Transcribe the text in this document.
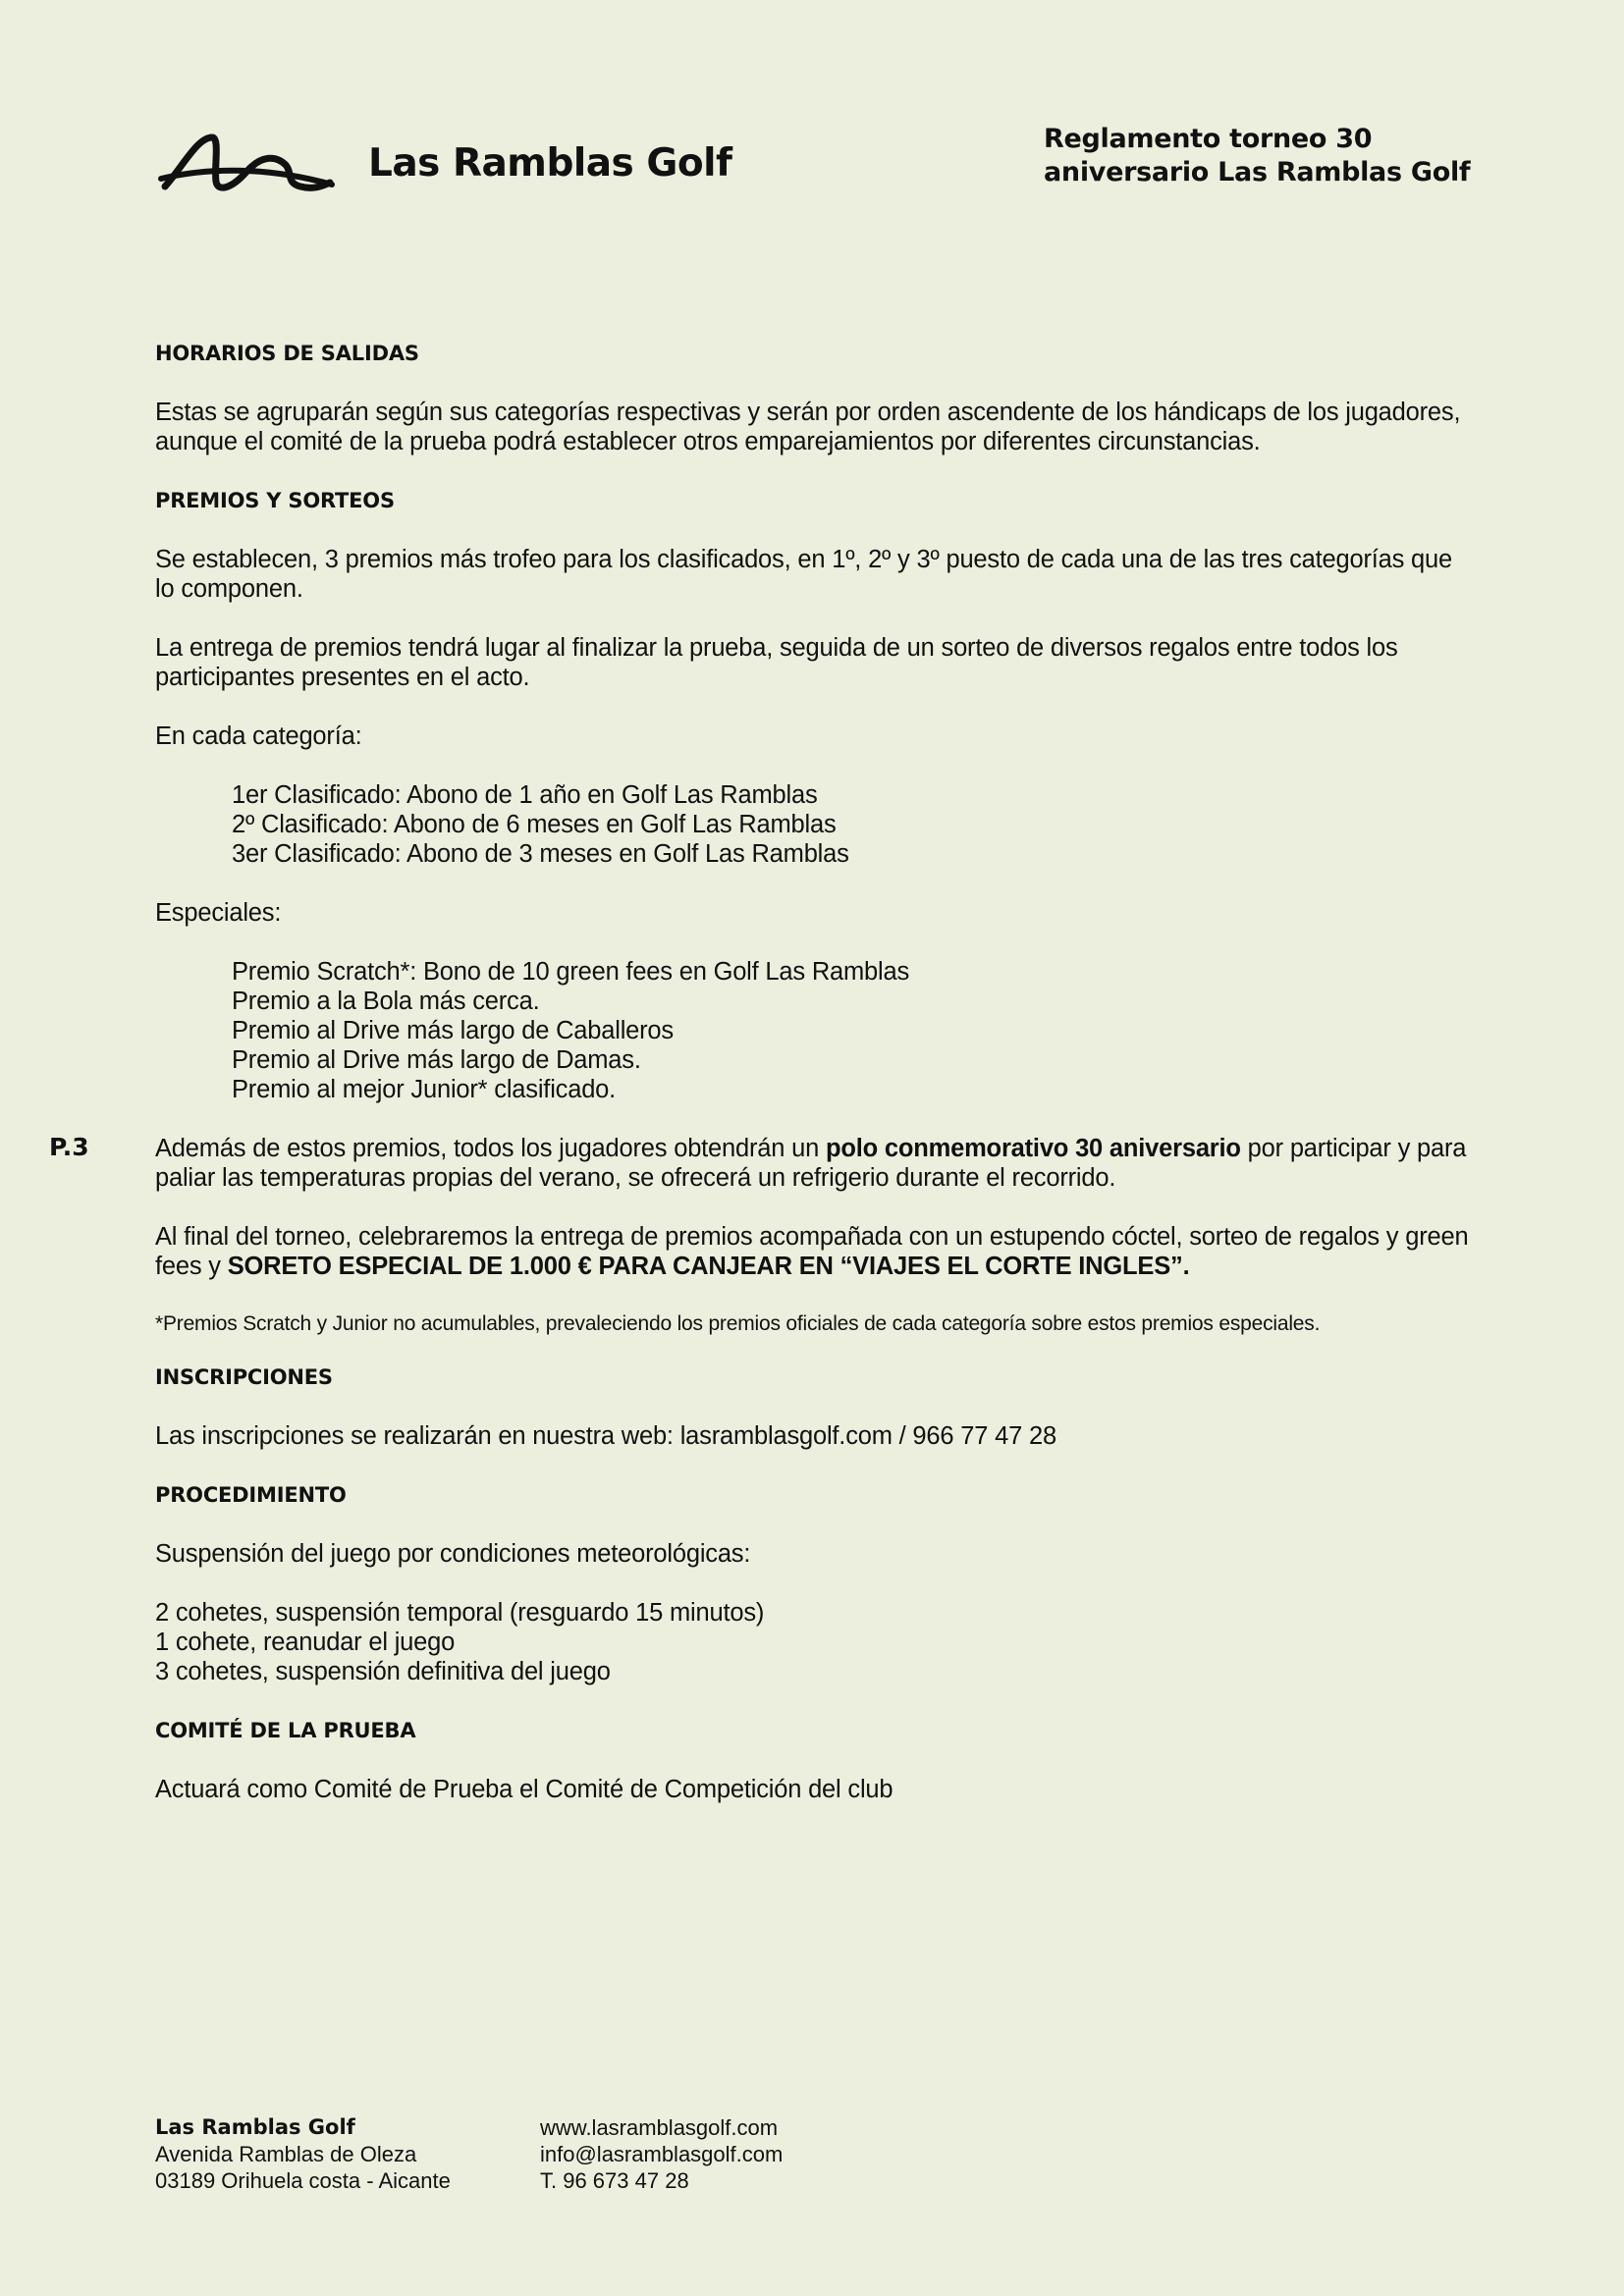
Las Ramblas Golf
Reglamento torneo 30
aniversario Las Ramblas Golf
P.3
HORARIOS DE SALIDAS
Estas se agruparán según sus categorías respectivas y serán por orden ascendente de los hándicaps de los jugadores, aunque el comité de la prueba podrá establecer otros emparejamientos por diferentes circunstancias.
PREMIOS Y SORTEOS
Se establecen, 3 premios más trofeo para los clasificados, en 1º, 2º y 3º puesto de cada una de las tres categorías que lo componen.
La entrega de premios tendrá lugar al finalizar la prueba, seguida de un sorteo de diversos regalos entre todos los participantes presentes en el acto.
En cada categoría:
1er Clasificado: Abono de 1 año en Golf Las Ramblas
2º Clasificado: Abono de 6 meses en Golf Las Ramblas
3er Clasificado: Abono de 3 meses en Golf Las Ramblas
Especiales:
Premio Scratch*: Bono de 10 green fees en Golf Las Ramblas
Premio a la Bola más cerca.
Premio al Drive más largo de Caballeros
Premio al Drive más largo de Damas.
Premio al mejor Junior* clasificado.
Además de estos premios, todos los jugadores obtendrán un polo conmemorativo 30 aniversario por participar y para paliar las temperaturas propias del verano, se ofrecerá un refrigerio durante el recorrido.
Al final del torneo, celebraremos la entrega de premios acompañada con un estupendo cóctel, sorteo de regalos y green fees y SORETO ESPECIAL DE 1.000 € PARA CANJEAR EN “VIAJES EL CORTE INGLES”.
*Premios Scratch y Junior no acumulables, prevaleciendo los premios oficiales de cada categoría sobre estos premios especiales.
INSCRIPCIONES
Las inscripciones se realizarán en nuestra web: lasramblasgolf.com / 966 77 47 28
PROCEDIMIENTO
Suspensión del juego por condiciones meteorológicas:
2 cohetes, suspensión temporal (resguardo 15 minutos)
1 cohete, reanudar el juego
3 cohetes, suspensión definitiva del juego
COMITÉ DE LA PRUEBA
Actuará como Comité de Prueba el Comité de Competición del club
Las Ramblas Golf
Avenida Ramblas de Oleza
03189 Orihuela costa - Aicante
www.lasramblasgolf.com
info@lasramblasgolf.com
T. 96 673 47 28
